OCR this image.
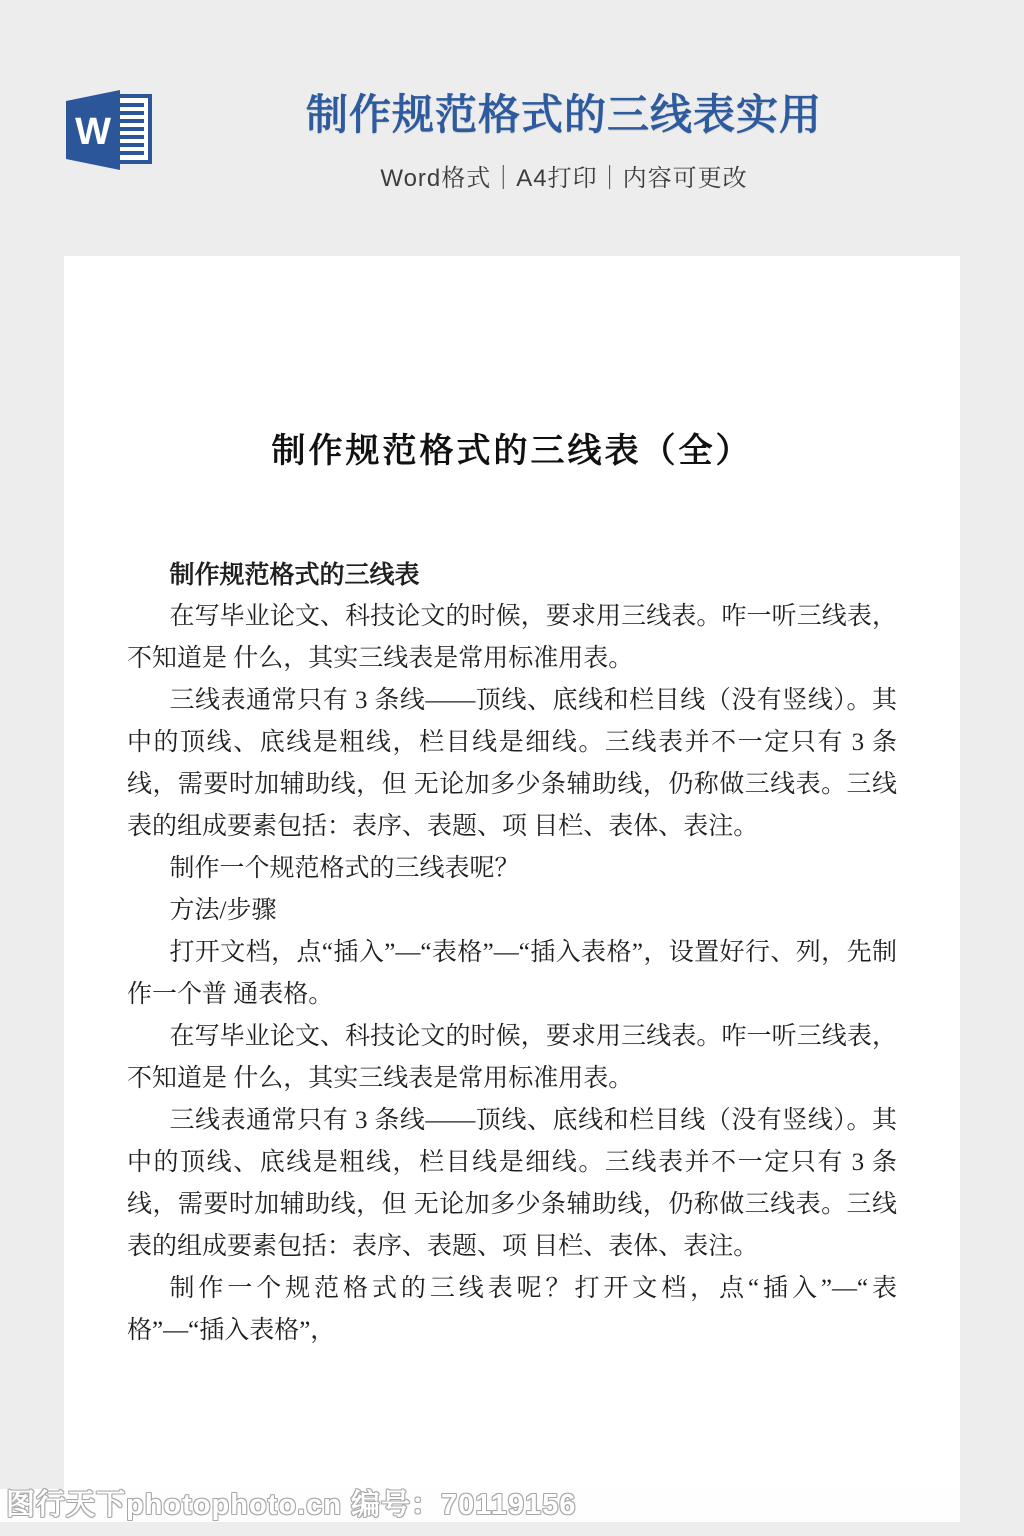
W	制作规范格式的三线表实用
Word格式｜A4打印｜内容可更改
制作规范格式的三线表（全）

制作规范格式的三线表

在写毕业论文、科技论文的时候，要求用三线表。咋一听三线表，不知道是 什么，其实三线表是常用标准用表。

三线表通常只有 3 条线——顶线、底线和栏目线（没有竖线）。其中的顶线、底线是粗线，栏目线是细线。三线表并不一定只有 3 条线，需要时加辅助线，但 无论加多少条辅助线，仍称做三线表。三线表的组成要素包括：表序、表题、项 目栏、表体、表注。

制作一个规范格式的三线表呢？

方法/步骤

打开文档，点“插入”—“表格”—“插入表格”，设置好行、列，先制作一个普 通表格。

在写毕业论文、科技论文的时候，要求用三线表。咋一听三线表，不知道是 什么，其实三线表是常用标准用表。

三线表通常只有 3 条线——顶线、底线和栏目线（没有竖线）。其中的顶线、底线是粗线，栏目线是细线。三线表并不一定只有 3 条线，需要时加辅助线，但 无论加多少条辅助线，仍称做三线表。三线表的组成要素包括：表序、表题、项 目栏、表体、表注。

制作一个规范格式的三线表呢？打开文档，点“插入”—“表格”—“插入表格”，

图行天下photophoto.cn 编号：70119156
